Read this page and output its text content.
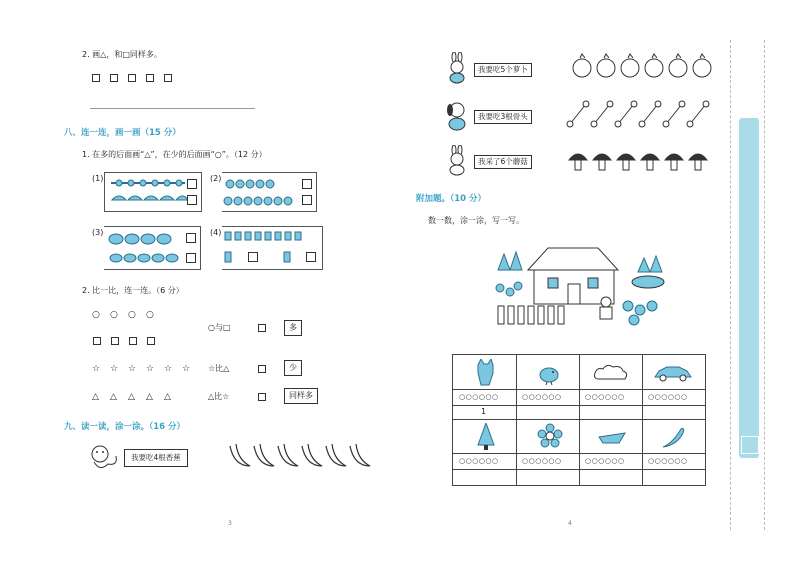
2. 画△，和□同样多。
八、连一连，画一画（15 分）
1. 在多的后面画“△”，在少的后面画“○”。（12 分）
(1)	(2)
(3)	(4)
2. 比一比，连一连。（6 分）
○ ○ ○ ○
☆ ☆ ☆ ☆ ☆ ☆
△ △ △ △ △
○与□
☆比△
△比☆
多
少
同样多
九、读一读，涂一涂。（16 分）
我要吃4根香蕉
3
我要吃5个萝卜
我要吃3根骨头
我采了6个蘑菇
附加题。（10 分）
数一数，涂一涂，写一写。
○○○○○○	○○○○○○	○○○○○○	○○○○○○
1
○○○○○○	○○○○○○	○○○○○○	○○○○○○
4
